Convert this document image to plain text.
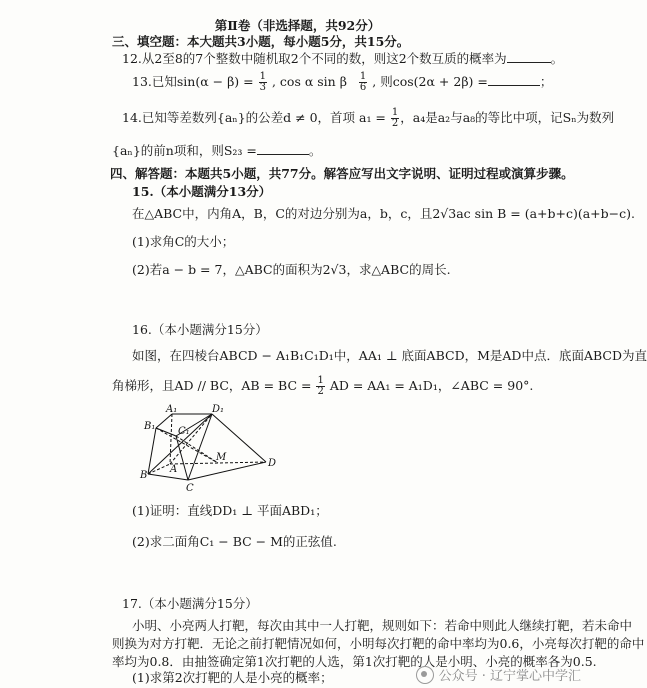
第Ⅱ卷（非选择题，共92分）
三、填空题：本大题共3小题，每小题5分，共15分。
12.从2至8的7个整数中随机取2个不同的数，则这2个数互质的概率为	。
13.已知$\sin(\alpha - \beta) = \frac{1}{3}$ , cos α sin β $\frac{1}{6}$ , 则cos(2α + 2β) =	；
14.已知等差数列{aₙ}的公差d ≠ 0，首项 $a_1 = \frac{1}{2}$ ，a₄是a₂与a₈的等比中项，记Sₙ为数列
{aₙ}的前n项和，则S₂₃ =	。
四、解答题：本题共5小题，共77分。解答应写出文字说明、证明过程或演算步骤。
15.（本小题满分13分）
在△ABC中，内角A，B，C的对边分别为a，b，c，且2√3ac sin B = (a+b+c)(a+b−c).
(1)求角C的大小；
(2)若a − b = 7，△ABC的面积为2√3，求△ABC的周长.
16.（本小题满分15分）
如图，在四棱台ABCD − A₁B₁C₁D₁中，AA₁ ⊥ 底面ABCD，M是AD中点．底面ABCD为直
角梯形，且AD // BC，AB = BC = $\frac{1}{2}$ AD = AA₁ = A₁D₁，∠ABC = 90°.
A₁	D₁
B₁ C₁
A
B
C
D
M
(1)证明：直线DD₁ ⊥ 平面ABD₁；
(2)求二面角C₁ − BC − M的正弦值.
17.（本小题满分15分）
小明、小亮两人打靶，每次由其中一人打靶，规则如下：若命中则此人继续打靶，若未命中
则换为对方打靶．无论之前打靶情况如何，小明每次打靶的命中率均为0.6，小亮每次打靶的命中
率均为0.8．由抽签确定第1次打靶的人选，第1次打靶的人是小明、小亮的概率各为0.5.
(1)求第2次打靶的人是小亮的概率；	公众号 · 辽宁掌心中学汇
